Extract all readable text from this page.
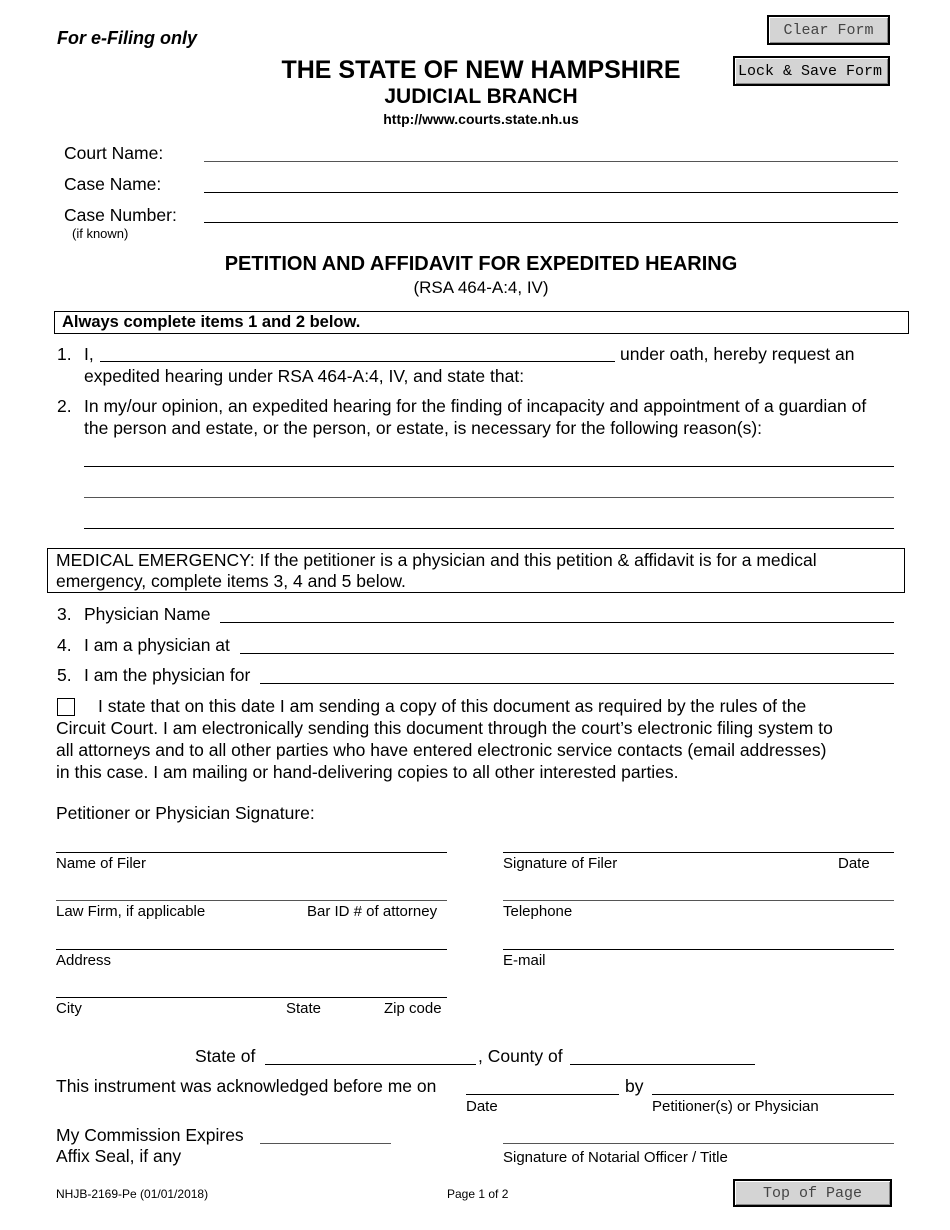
For e-Filing only
THE STATE OF NEW HAMPSHIRE
JUDICIAL BRANCH
http://www.courts.state.nh.us
Clear Form
Lock & Save Form
Court Name:
Case Name:
Case Number:
(if known)
PETITION AND AFFIDAVIT FOR EXPEDITED HEARING
(RSA 464-A:4, IV)
Always complete items 1 and 2 below.
1. I,	under oath, hereby request an
expedited hearing under RSA 464-A:4, IV, and state that:
2. In my/our opinion, an expedited hearing for the finding of incapacity and appointment of a guardian of
the person and estate, or the person, or estate, is necessary for the following reason(s):
MEDICAL EMERGENCY: If the petitioner is a physician and this petition & affidavit is for a medical
emergency, complete items 3, 4 and 5 below.
3. Physician Name
4. I am a physician at
5. I am the physician for
I state that on this date I am sending a copy of this document as required by the rules of the
Circuit Court. I am electronically sending this document through the court’s electronic filing system to
all attorneys and to all other parties who have entered electronic service contacts (email addresses)
in this case. I am mailing or hand-delivering copies to all other interested parties.
Petitioner or Physician Signature:
Name of Filer
Law Firm, if applicable	Bar ID # of attorney
Address
City	State	Zip code
Signature of Filer	Date
Telephone
E-mail
State of	, County of
This instrument was acknowledged before me on	by
Date	Petitioner(s) or Physician
My Commission Expires
Affix Seal, if any	Signature of Notarial Officer / Title
NHJB-2169-Pe (01/01/2018)	Page 1 of 2	Top of Page
